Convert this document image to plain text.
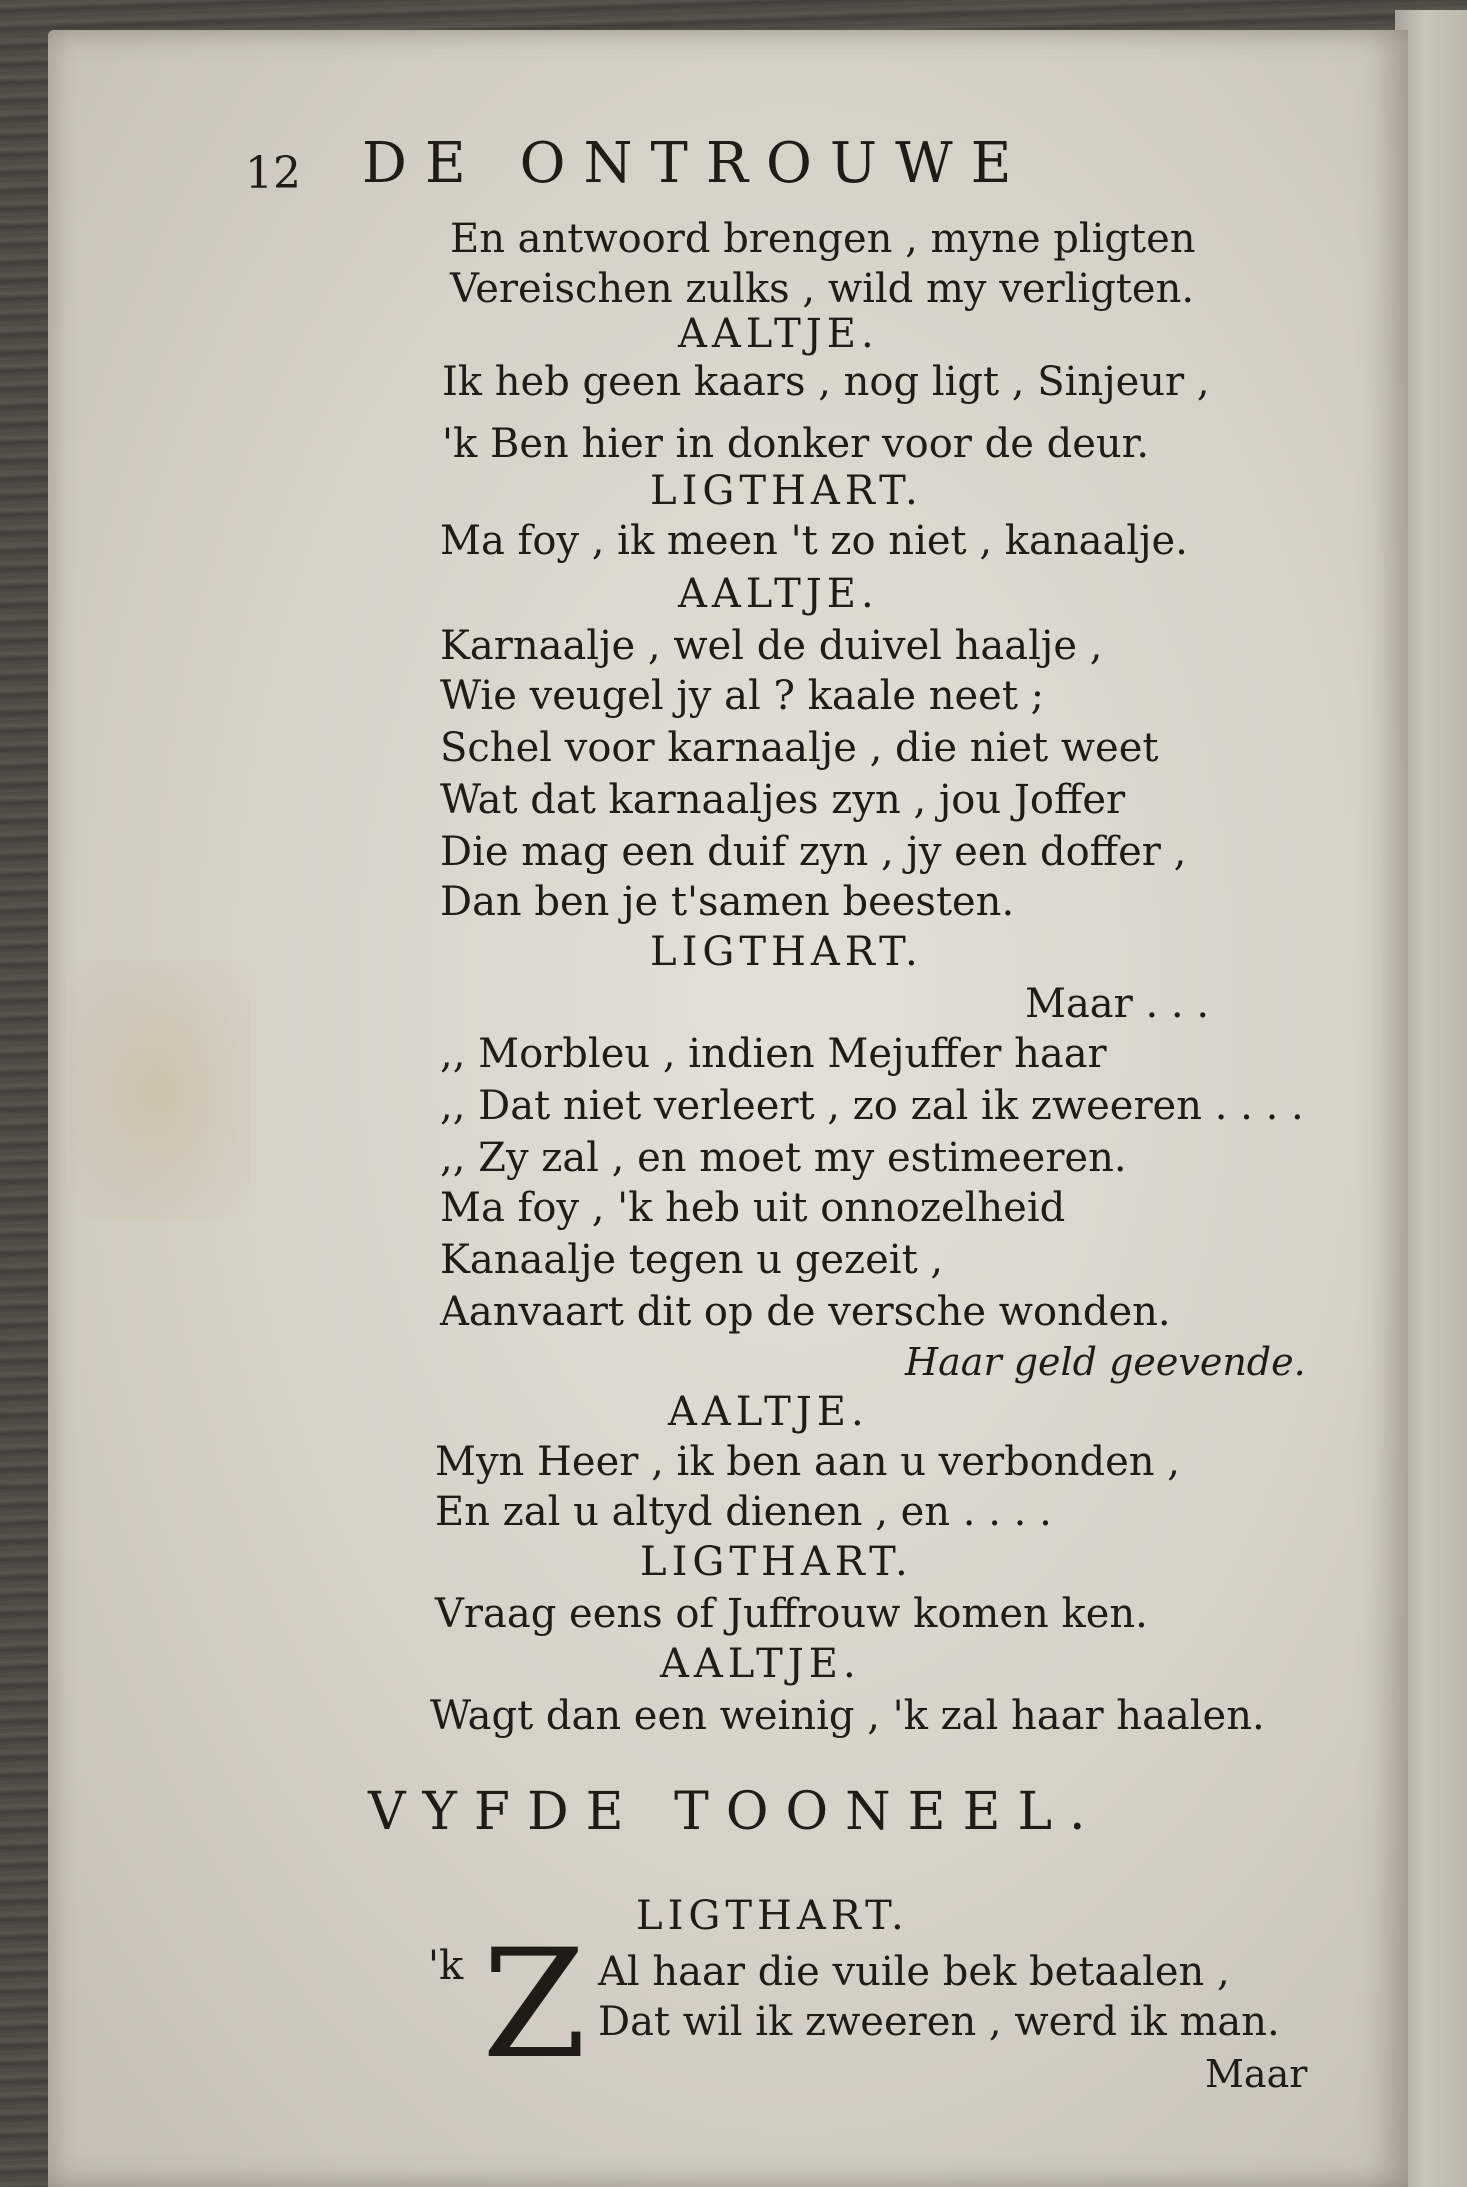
12 DE ONTROUWE
En antwoord brengen , myne pligten
Vereischen zulks , wild my verligten.
AALTJE.
Ik heb geen kaars , nog ligt , Sinjeur ,
'k Ben hier in donker voor de deur.
LIGTHART.
Ma foy , ik meen 't zo niet , kanaalje.
AALTJE.
Karnaalje , wel de duivel haalje ,
Wie veugel jy al ? kaale neet ;
Schel voor karnaalje , die niet weet
Wat dat karnaaljes zyn , jou Joffer
Die mag een duif zyn , jy een doffer ,
Dan ben je t'samen beesten.
LIGTHART.
Maar . . .
,, Morbleu , indien Mejuffer haar
,, Dat niet verleert , zo zal ik zweeren . . . .
,, Zy zal , en moet my estimeeren.
Ma foy , 'k heb uit onnozelheid
Kanaalje tegen u gezeit ,
Aanvaart dit op de versche wonden.
Haar geld geevende.
AALTJE.
Myn Heer , ik ben aan u verbonden ,
En zal u altyd dienen , en . . . .
LIGTHART.
Vraag eens of Juffrouw komen ken.
AALTJE.
Wagt dan een weinig , 'k zal haar haalen.
VYFDE TOONEEL.
LIGTHART.
'k Z Al haar die vuile bek betaalen ,
Dat wil ik zweeren , werd ik man.
Maar
